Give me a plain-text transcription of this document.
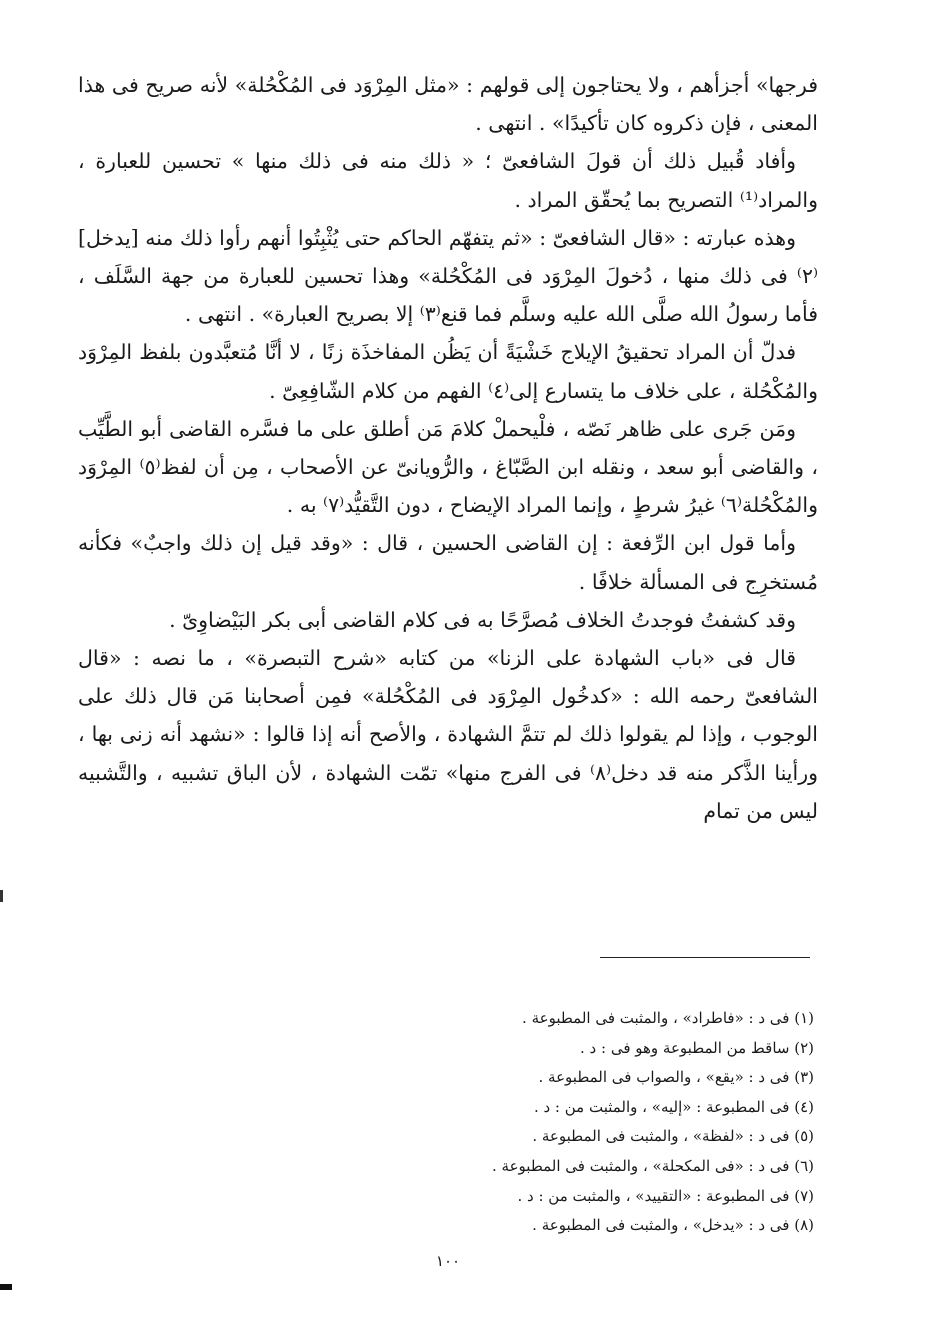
فرجها» أجزأهم ، ولا يحتاجون إلى قولهم : «مثل المِرْوَد فى المُكْحُلة» لأنه صريح فى هذا المعنى ، فإن ذكروه كان تأكيدًا» . انتهى .

وأفاد قُبيل ذلك أن قولَ الشافعىّ ؛ « ذلك منه فى ذلك منها » تحسين للعبارة ، والمراد⁽¹⁾ التصريح بما يُحقّق المراد .

وهذه عبارته : «قال الشافعىّ : «ثم يتفهّم الحاكم حتى يُثْبِتُوا أنهم رأوا ذلك منه [يدخل]⁽٢⁾ فى ذلك منها ، دُخولَ المِرْوَد فى المُكْحُلة» وهذا تحسين للعبارة من جهة السَّلَف ، فأما رسولُ الله صلَّى الله عليه وسلَّم فما قنع⁽٣⁾ إلا بصريح العبارة» . انتهى .

فدلّ أن المراد تحقيقُ الإيلاج خَشْيَةً أن يَظُن المفاخذَة زنًا ، لا أنَّا مُتعبَّدون بلفظ المِرْوَد والمُكْحُلة ، على خلاف ما يتسارع إلى⁽٤⁾ الفهم من كلام الشّافِعِىّ .

ومَن جَرى على ظاهر نَصّه ، فلْيحملْ كلامَ مَن أطلق على ما فسَّره القاضى أبو الطَّيِّب ، والقاضى أبو سعد ، ونقله ابن الصَّبّاغ ، والرُّويانىّ عن الأصحاب ، مِن أن لفظ⁽٥⁾ المِرْوَد والمُكْحُلة⁽٦⁾ غيرُ شرطٍ ، وإنما المراد الإيضاح ، دون التَّقيُّد⁽٧⁾ به .

وأما قول ابن الرِّفعة : إن القاضى الحسين ، قال : «وقد قيل إن ذلك واجبٌ» فكأنه مُستخرِج فى المسألة خلافًا .

وقد كشفتُ فوجدتُ الخلاف مُصرَّحًا به فى كلام القاضى أبى بكر البَيْضاوِىّ .

قال فى «باب الشهادة على الزنا» من كتابه «شرح التبصرة» ، ما نصه : «قال الشافعىّ رحمه الله : «كدخُول المِرْوَد فى المُكْحُلة» فمِن أصحابنا مَن قال ذلك على الوجوب ، وإذا لم يقولوا ذلك لم تتمَّ الشهادة ، والأصح أنه إذا قالوا : «نشهد أنه زنى بها ، ورأينا الذَّكر منه قد دخل⁽٨⁾ فى الفرج منها» تمّت الشهادة ، لأن الباق تشبيه ، والتَّشبيه ليس من تمام

(١) فى د : «فاطراد» ، والمثبت فى المطبوعة .

(٢) ساقط من المطبوعة وهو فى : د .

(٣) فى د : «يقع» ، والصواب فى المطبوعة .

(٤) فى المطبوعة : «إليه» ، والمثبت من : د .

(٥) فى د : «لفظة» ، والمثبت فى المطبوعة .

(٦) فى د : «فى المكحلة» ، والمثبت فى المطبوعة .

(٧) فى المطبوعة : «التقييد» ، والمثبت من : د .

(٨) فى د : «يدخل» ، والمثبت فى المطبوعة .

١٠٠
